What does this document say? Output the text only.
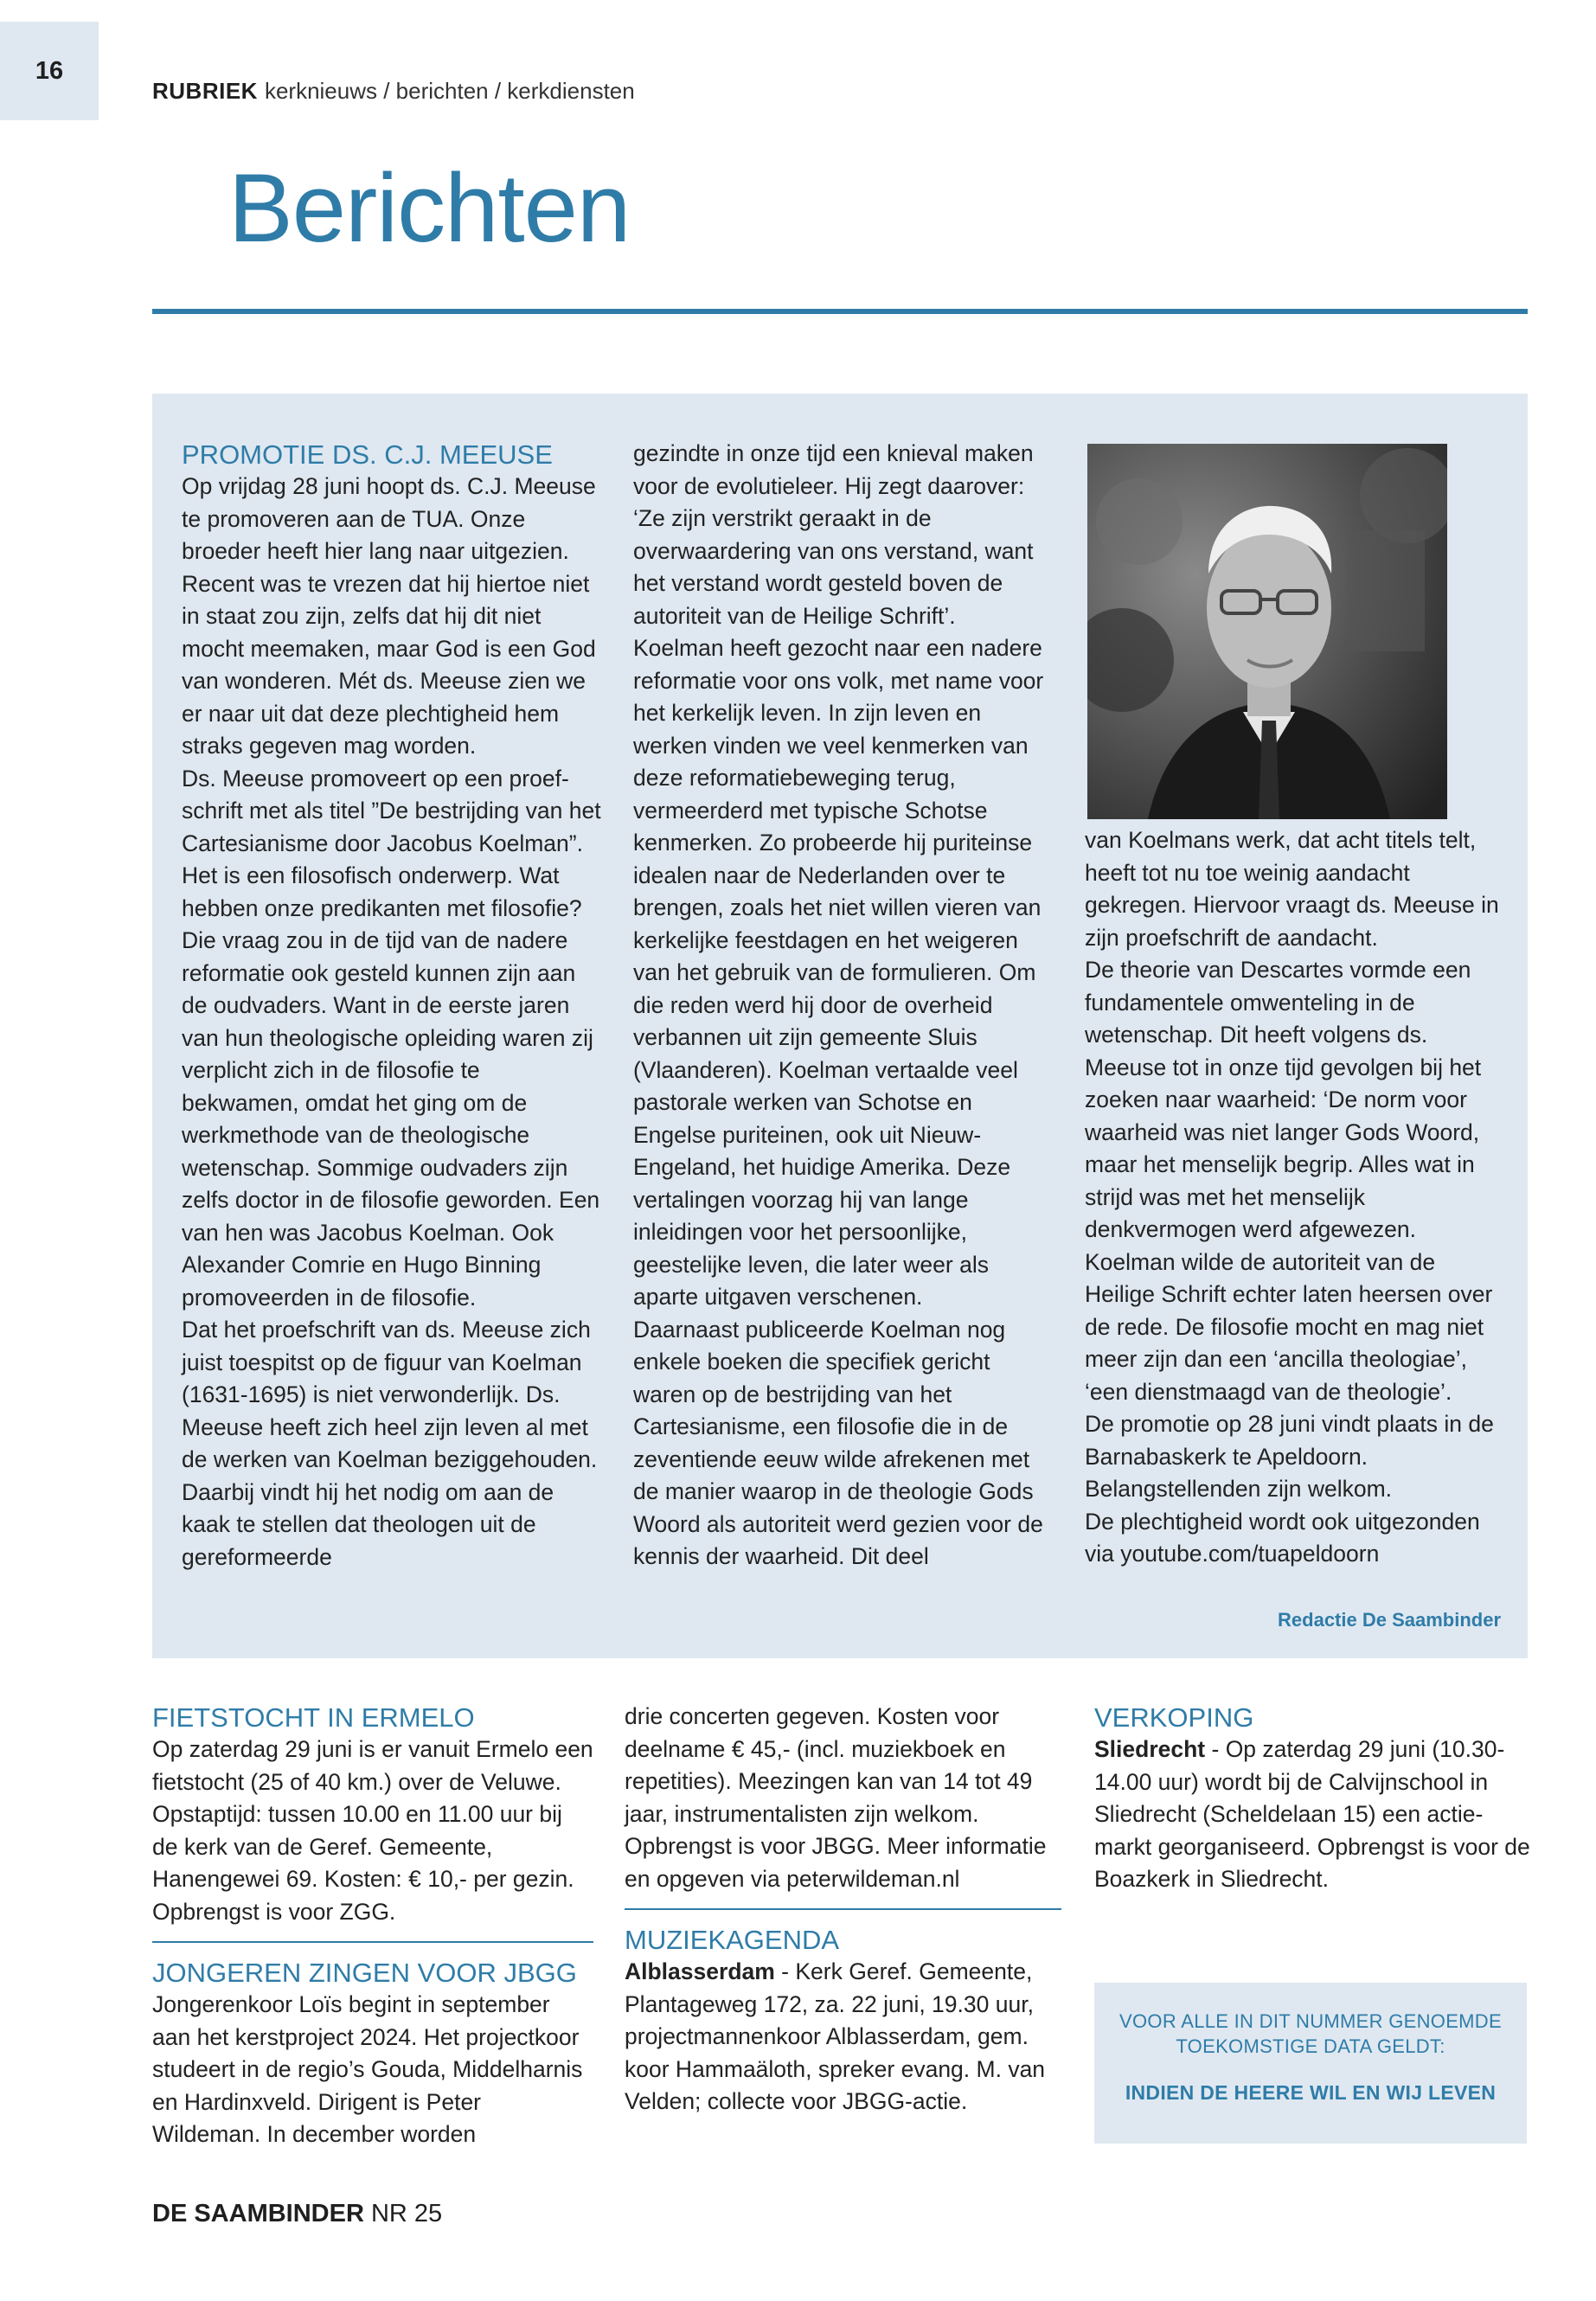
16
RUBRIEK kerknieuws / berichten / kerkdiensten
Berichten
PROMOTIE DS. C.J. MEEUSE

Op vrijdag 28 juni hoopt ds. C.J. Meeuse te promoveren aan de TUA. Onze broeder heeft hier lang naar uitgezien. Recent was te vrezen dat hij hiertoe niet in staat zou zijn, zelfs dat hij dit niet mocht meemaken, maar God is een God van wonderen. Mét ds. Meeuse zien we er naar uit dat deze plechtigheid hem straks gegeven mag worden.

Ds. Meeuse promoveert op een proefschrift met als titel ”De bestrijding van het Cartesianisme door Jacobus Koelman”. Het is een filosofisch onderwerp. Wat hebben onze predikanten met filosofie? Die vraag zou in de tijd van de nadere reformatie ook gesteld kunnen zijn aan de oudvaders. Want in de eerste jaren van hun theologische opleiding waren zij verplicht zich in de filosofie te bekwamen, omdat het ging om de werkmethode van de theologische wetenschap. Sommige oudvaders zijn zelfs doctor in de filosofie geworden. Een van hen was Jacobus Koelman. Ook Alexander Comrie en Hugo Binning promoveerden in de filosofie.

Dat het proefschrift van ds. Meeuse zich juist toespitst op de figuur van Koelman (1631-1695) is niet verwonderlijk. Ds. Meeuse heeft zich heel zijn leven al met de werken van Koelman beziggehouden. Daarbij vindt hij het nodig om aan de kaak te stellen dat theologen uit de gereformeerde

gezindte in onze tijd een knieval maken voor de evolutieleer. Hij zegt daarover: ‘Ze zijn verstrikt geraakt in de overwaardering van ons verstand, want het verstand wordt gesteld boven de autoriteit van de Heilige Schrift’.

Koelman heeft gezocht naar een nadere reformatie voor ons volk, met name voor het kerkelijk leven. In zijn leven en werken vinden we veel kenmerken van deze reformatiebeweging terug, vermeerderd met typische Schotse kenmerken. Zo probeerde hij puriteinse idealen naar de Nederlanden over te brengen, zoals het niet willen vieren van kerkelijke feestdagen en het weigeren van het gebruik van de formulieren. Om die reden werd hij door de overheid verbannen uit zijn gemeente Sluis (Vlaanderen). Koelman vertaalde veel pastorale werken van Schotse en Engelse puriteinen, ook uit Nieuw-Engeland, het huidige Amerika. Deze vertalingen voorzag hij van lange inleidingen voor het persoonlijke, geestelijke leven, die later weer als aparte uitgaven verschenen.

Daarnaast publiceerde Koelman nog enkele boeken die specifiek gericht waren op de bestrijding van het Cartesianisme, een filosofie die in de zeventiende eeuw wilde afrekenen met de manier waarop in de theologie Gods Woord als autoriteit werd gezien voor de kennis der waarheid. Dit deel

van Koelmans werk, dat acht titels telt, heeft tot nu toe weinig aandacht gekregen. Hiervoor vraagt ds. Meeuse in zijn proefschrift de aandacht.

De theorie van Descartes vormde een fundamentele omwenteling in de wetenschap. Dit heeft volgens ds. Meeuse tot in onze tijd gevolgen bij het zoeken naar waarheid: ‘De norm voor waarheid was niet langer Gods Woord, maar het menselijk begrip. Alles wat in strijd was met het menselijk denkvermogen werd afgewezen. Koelman wilde de autoriteit van de Heilige Schrift echter laten heersen over de rede. De filosofie mocht en mag niet meer zijn dan een ‘ancilla theologiae’, ‘een dienstmaagd van de theologie’.

De promotie op 28 juni vindt plaats in de Barnabaskerk te Apeldoorn. Belangstellenden zijn welkom.

De plechtigheid wordt ook uitgezonden via youtube.com/tuapeldoorn

Redactie De Saambinder
FIETSTOCHT IN ERMELO

Op zaterdag 29 juni is er vanuit Ermelo een fietstocht (25 of 40 km.) over de Veluwe. Opstaptijd: tussen 10.00 en 11.00 uur bij de kerk van de Geref. Gemeente, Hanengewei 69. Kosten: € 10,- per gezin. Opbrengst is voor ZGG.

JONGEREN ZINGEN VOOR JBGG

Jongerenkoor Loïs begint in september aan het kerstproject 2024. Het projectkoor studeert in de regio’s Gouda, Middelharnis en Hardinxveld. Dirigent is Peter Wildeman. In december worden

drie concerten gegeven. Kosten voor deelname € 45,- (incl. muziekboek en repetities). Meezingen kan van 14 tot 49 jaar, instrumentalisten zijn welkom. Opbrengst is voor JBGG. Meer informatie en opgeven via peterwildeman.nl

MUZIEKAGENDA

Alblasserdam - Kerk Geref. Gemeente, Plantageweg 172, za. 22 juni, 19.30 uur, projectmannenkoor Alblasserdam, gem. koor Hammaäloth, spreker evang. M. van Velden; collecte voor JBGG-actie.

VERKOPING

Sliedrecht - Op zaterdag 29 juni (10.30-14.00 uur) wordt bij de Calvijnschool in Sliedrecht (Scheldelaan 15) een actiemarkt georganiseerd. Opbrengst is voor de Boazkerk in Sliedrecht.

VOOR ALLE IN DIT NUMMER GENOEMDE TOEKOMSTIGE DATA GELDT:
INDIEN DE HEERE WIL EN WIJ LEVEN
DE SAAMBINDER NR 25
